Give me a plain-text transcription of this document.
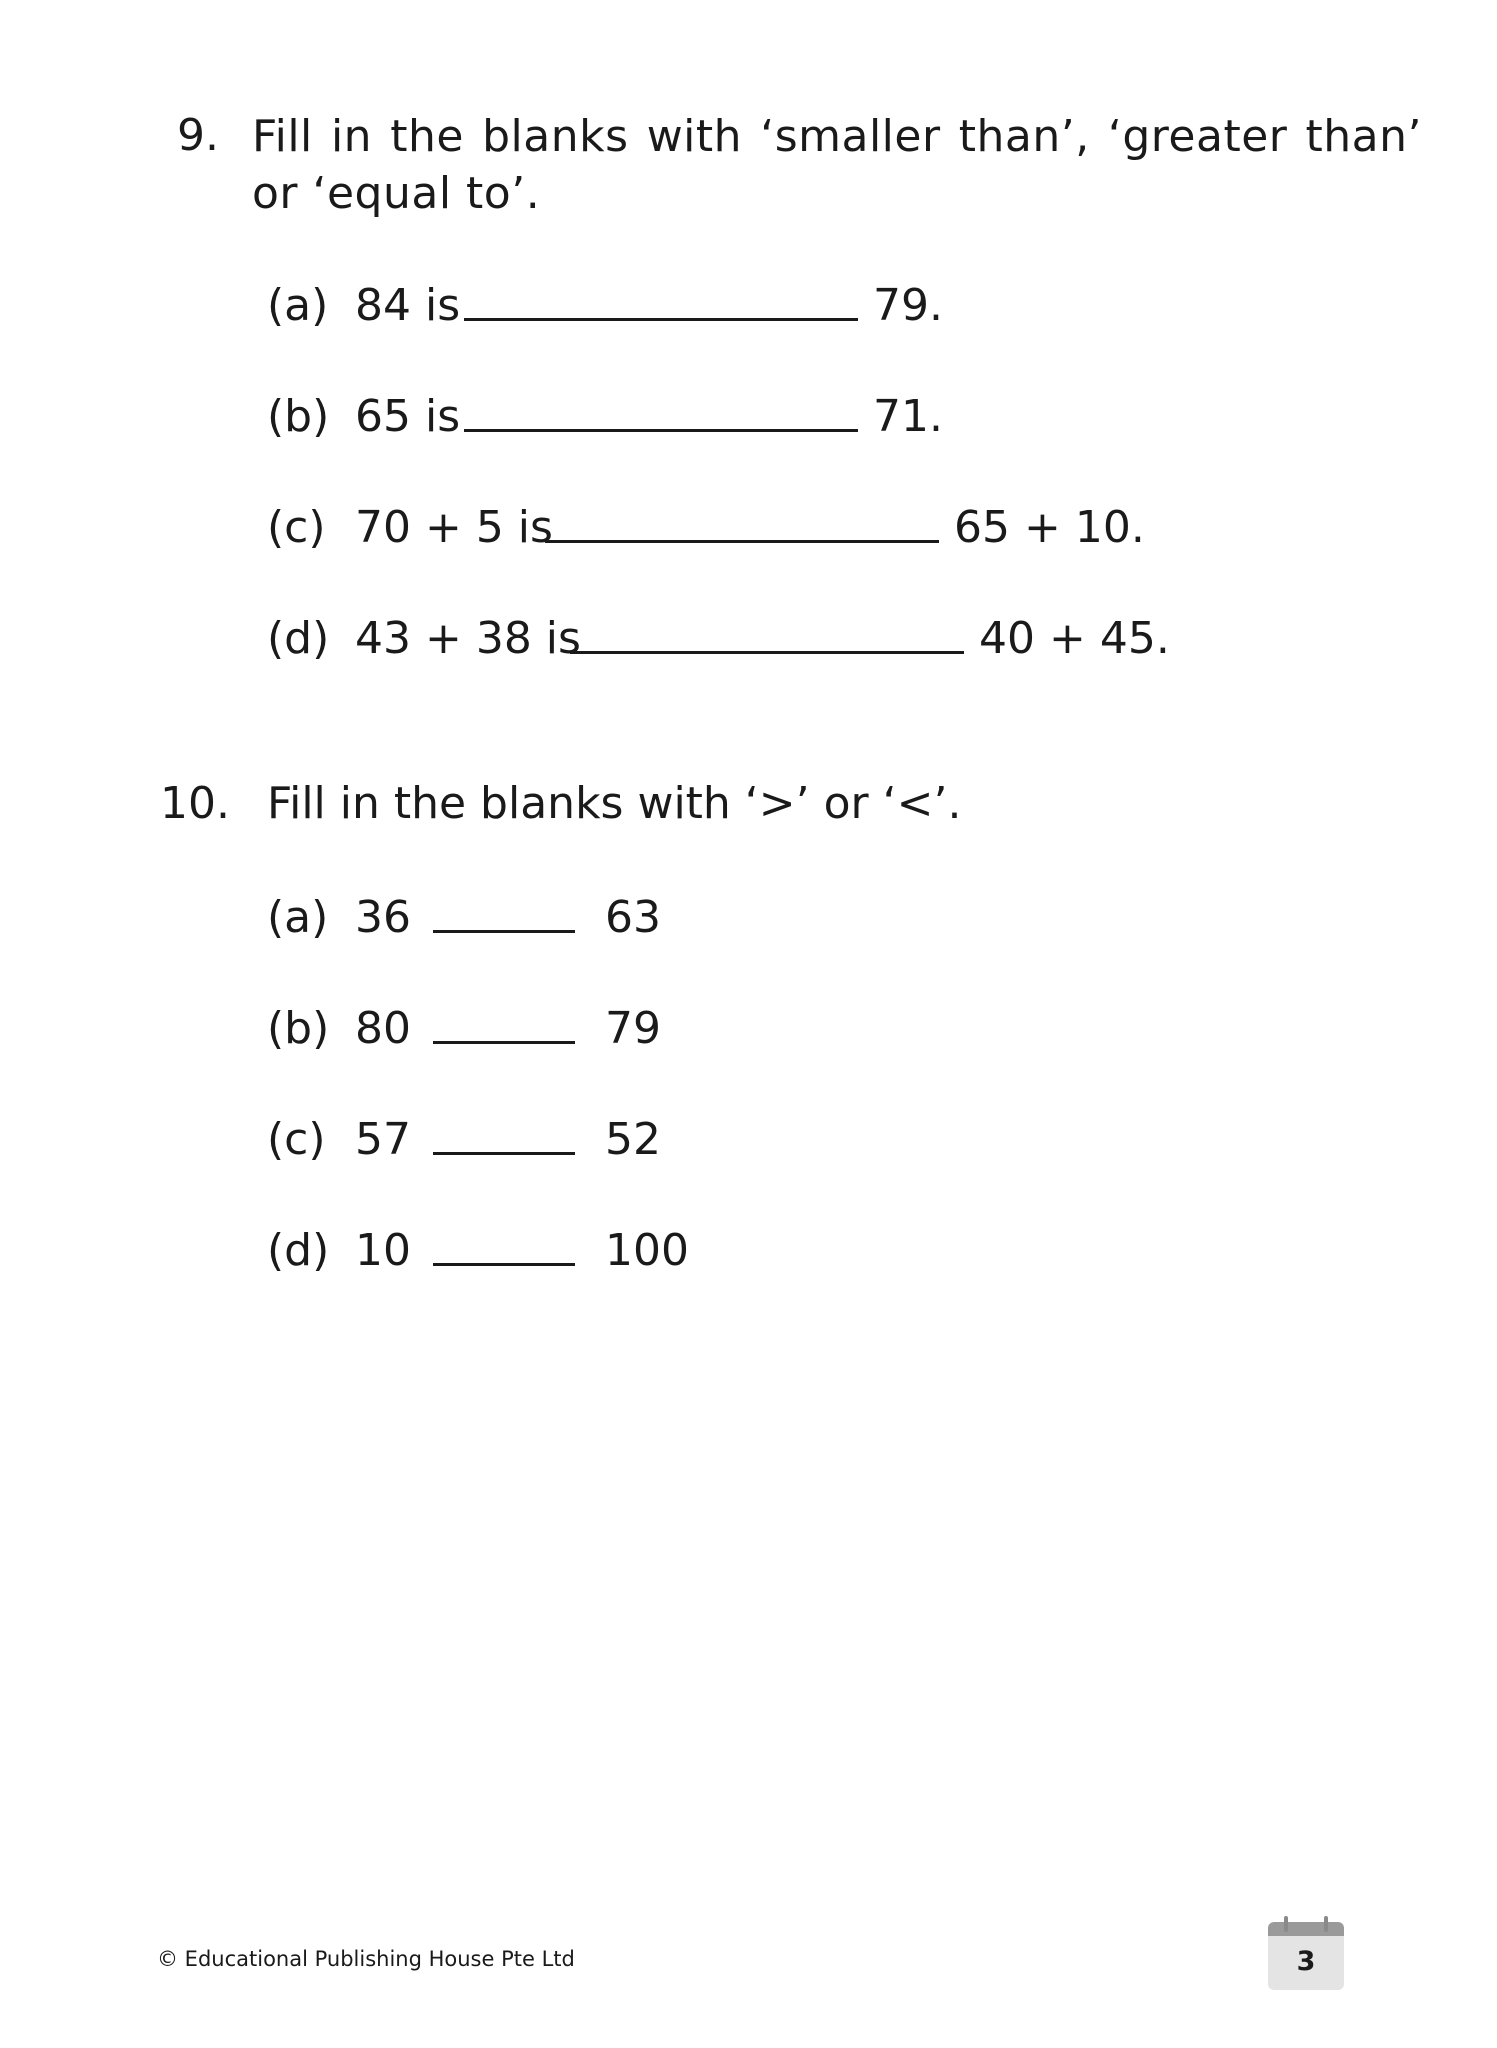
9. Fill in the blanks with ‘smaller than’, ‘greater than’
or ‘equal to’.
(a) 84 is	79.
(b) 65 is	71.
(c) 70 + 5 is	65 + 10.
(d) 43 + 38 is	40 + 45.
10. Fill in the blanks with ‘>’ or ‘<’.
(a) 36	63
(b) 80	79
(c) 57	52
(d) 10	100
© Educational Publishing House Pte Ltd	3
